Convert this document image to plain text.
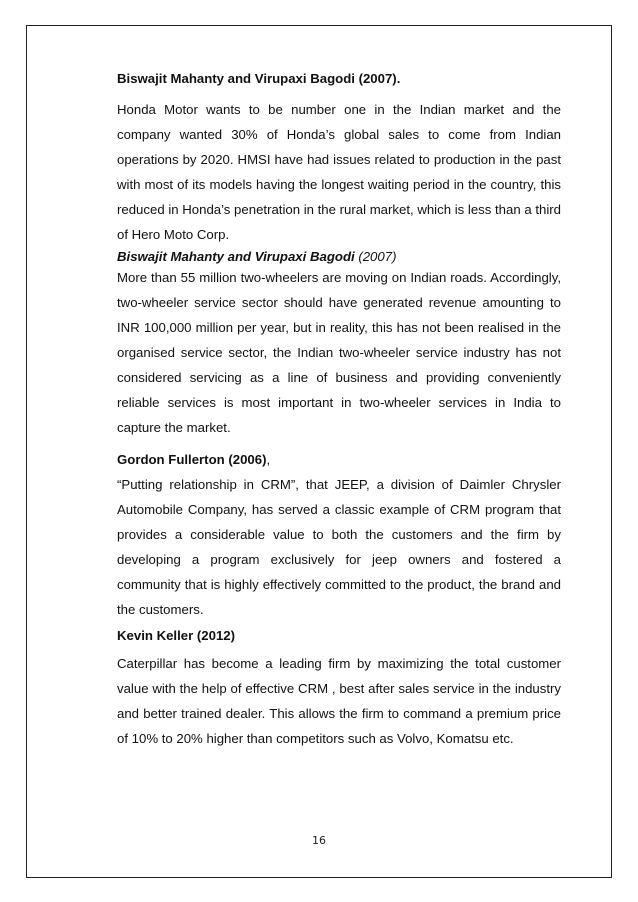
Biswajit Mahanty and Virupaxi Bagodi (2007).

Honda Motor wants to be number one in the Indian market and the company wanted 30% of Honda’s global sales to come from Indian operations by 2020. HMSI have had issues related to production in the past with most of its models having the longest waiting period in the country, this reduced in Honda’s penetration in the rural market, which is less than a third of Hero Moto Corp.

Biswajit Mahanty and Virupaxi Bagodi (2007)

More than 55 million two-wheelers are moving on Indian roads. Accordingly, two-wheeler service sector should have generated revenue amounting to INR 100,000 million per year, but in reality, this has not been realised in the organised service sector, the Indian two-wheeler service industry has not considered servicing as a line of business and providing conveniently reliable services is most important in two-wheeler services in India to capture the market.

Gordon Fullerton (2006),

“Putting relationship in CRM”, that JEEP, a division of Daimler Chrysler Automobile Company, has served a classic example of CRM program that provides a considerable value to both the customers and the firm by developing a program exclusively for jeep owners and fostered a community that is highly effectively committed to the product, the brand and the customers.

Kevin Keller (2012)

Caterpillar has become a leading firm by maximizing the total customer value with the help of effective CRM , best after sales service in the industry and better trained dealer. This allows the firm to command a premium price of 10% to 20% higher than competitors such as Volvo, Komatsu etc.

16
